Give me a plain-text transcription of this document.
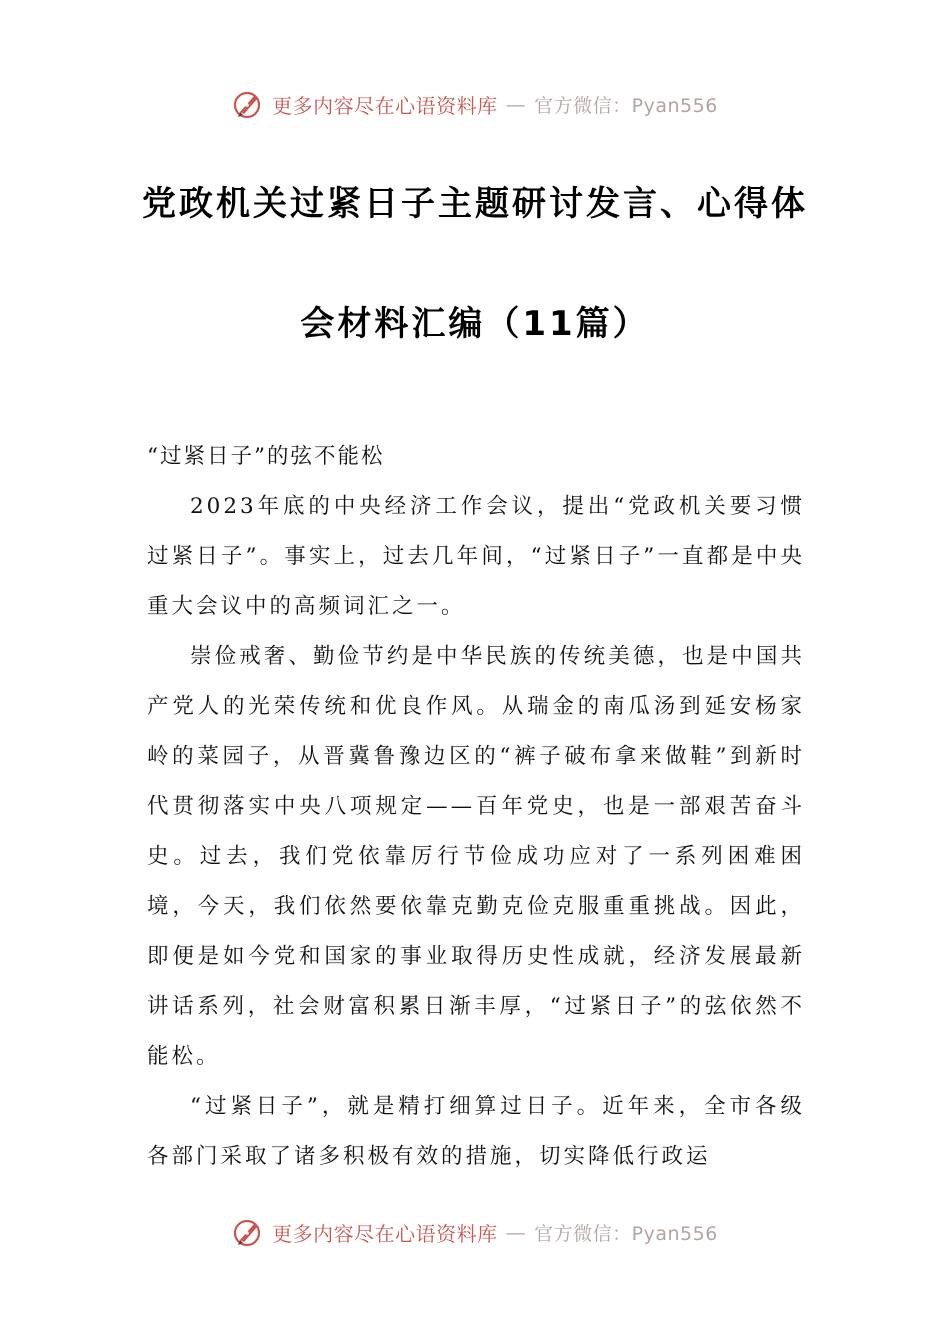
更多内容尽在心语资料库 — 官方微信：Pyan556
党政机关过紧日子主题研讨发言、心得体
会材料汇编（11篇）

“过紧日子”的弦不能松

2023年底的中央经济工作会议，提出“党政机关要习惯过紧日子”。事实上，过去几年间，“过紧日子”一直都是中央重大会议中的高频词汇之一。

崇俭戒奢、勤俭节约是中华民族的传统美德，也是中国共产党人的光荣传统和优良作风。从瑞金的南瓜汤到延安杨家岭的菜园子，从晋冀鲁豫边区的“裤子破布拿来做鞋”到新时代贯彻落实中央八项规定——百年党史，也是一部艰苦奋斗史。过去，我们党依靠厉行节俭成功应对了一系列困难困境，今天，我们依然要依靠克勤克俭克服重重挑战。因此，即便是如今党和国家的事业取得历史性成就，经济发展最新讲话系列，社会财富积累日渐丰厚，“过紧日子”的弦依然不能松。

“过紧日子”，就是精打细算过日子。近年来，全市各级各部门采取了诸多积极有效的措施，切实降低行政运

更多内容尽在心语资料库 — 官方微信：Pyan556
